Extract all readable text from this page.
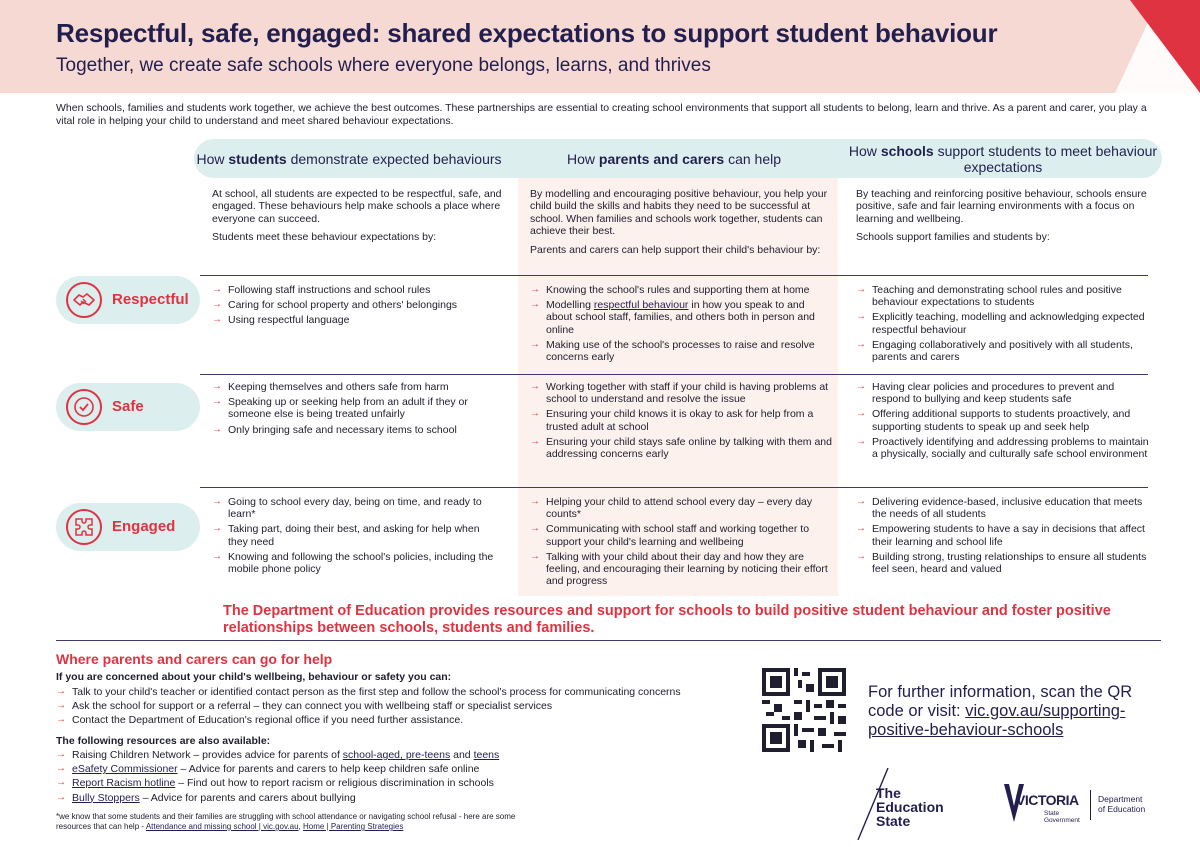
Respectful, safe, engaged: shared expectations to support student behaviour
Together, we create safe schools where everyone belongs, learns, and thrives
When schools, families and students work together, we achieve the best outcomes. These partnerships are essential to creating school environments that support all students to belong, learn and thrive. As a parent and carer, you play a vital role in helping your child to understand and meet shared behaviour expectations.
How students demonstrate expected behaviours	How parents and carers can help	How schools support students to meet behaviour expectations

At school, all students are expected to be respectful, safe, and engaged. These behaviours help make schools a place where everyone can succeed.

Students meet these behaviour expectations by:

By modelling and encouraging positive behaviour, you help your child build the skills and habits they need to be successful at school. When families and schools work together, students can achieve their best.

Parents and carers can help support their child's behaviour by:

By teaching and reinforcing positive behaviour, schools ensure positive, safe and fair learning environments with a focus on learning and wellbeing.

Schools support families and students by:

Respectful
Safe
Engaged
→ Following staff instructions and school rules
→ Caring for school property and others' belongings
→ Using respectful language
→ Knowing the school's rules and supporting them at home
→ Modelling respectful behaviour in how you speak to and about school staff, families, and others both in person and online
→ Making use of the school's processes to raise and resolve concerns early
→ Teaching and demonstrating school rules and positive behaviour expectations to students
→ Explicitly teaching, modelling and acknowledging expected respectful behaviour
→ Engaging collaboratively and positively with all students, parents and carers
→ Keeping themselves and others safe from harm
→ Speaking up or seeking help from an adult if they or someone else is being treated unfairly
→ Only bringing safe and necessary items to school
→ Working together with staff if your child is having problems at school to understand and resolve the issue
→ Ensuring your child knows it is okay to ask for help from a trusted adult at school
→ Ensuring your child stays safe online by talking with them and addressing concerns early
→ Having clear policies and procedures to prevent and respond to bullying and keep students safe
→ Offering additional supports to students proactively, and supporting students to speak up and seek help
→ Proactively identifying and addressing problems to maintain a physically, socially and culturally safe school environment
→ Going to school every day, being on time, and ready to learn*
→ Taking part, doing their best, and asking for help when they need
→ Knowing and following the school's policies, including the mobile phone policy
→ Helping your child to attend school every day – every day counts*
→ Communicating with school staff and working together to support your child's learning and wellbeing
→ Talking with your child about their day and how they are feeling, and encouraging their learning by noticing their effort and progress
→ Delivering evidence-based, inclusive education that meets the needs of all students
→ Empowering students to have a say in decisions that affect their learning and school life
→ Building strong, trusting relationships to ensure all students feel seen, heard and valued
The Department of Education provides resources and support for schools to build positive student behaviour and foster positive relationships between schools, students and families.
Where parents and carers can go for help
If you are concerned about your child's wellbeing, behaviour or safety you can:
→ Talk to your child's teacher or identified contact person as the first step and follow the school's process for communicating concerns
→ Ask the school for support or a referral – they can connect you with wellbeing staff or specialist services
→ Contact the Department of Education's regional office if you need further assistance.
The following resources are also available:
→ Raising Children Network – provides advice for parents of school-aged, pre-teens and teens
→ eSafety Commissioner – Advice for parents and carers to help keep children safe online
→ Report Racism hotline – Find out how to report racism or religious discrimination in schools
→ Bully Stoppers – Advice for parents and carers about bullying
*we know that some students and their families are struggling with school attendance or navigating school refusal - here are some resources that can help - Attendance and missing school | vic.gov.au, Home | Parenting Strategies
For further information, scan the QR code or visit: vic.gov.au/supporting-positive-behaviour-schools
The
Education
State
VICTORIA
State
Government
Department
of Education
